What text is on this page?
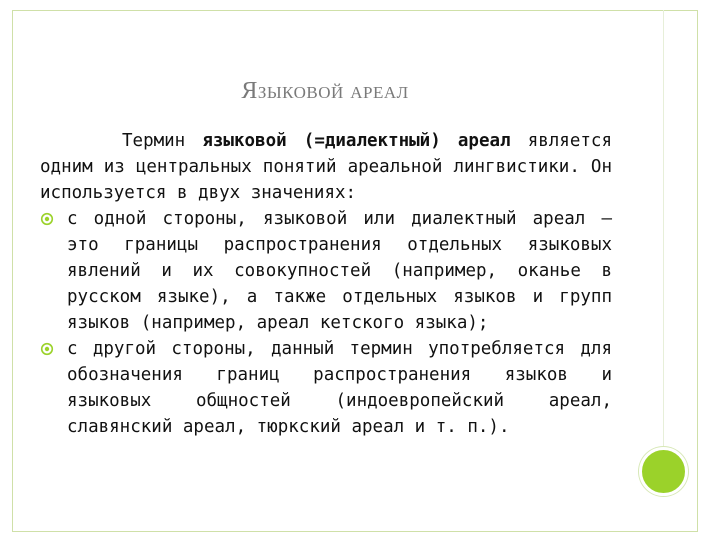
Языковой ареал

Термин языковой (=диалектный) ареал является одним из центральных понятий ареальной лингвистики. Он используется в двух значениях:

с одной стороны, языковой или диалектный ареал – это границы распространения отдельных языковых явлений и их совокупностей (например, оканье в русском языке), а также отдельных языков и групп языков (например, ареал кетского языка);
с другой стороны, данный термин употребляется для обозначения границ распространения языков и языковых общностей (индоевропейский ареал, славянский ареал, тюркский ареал и т. п.).
